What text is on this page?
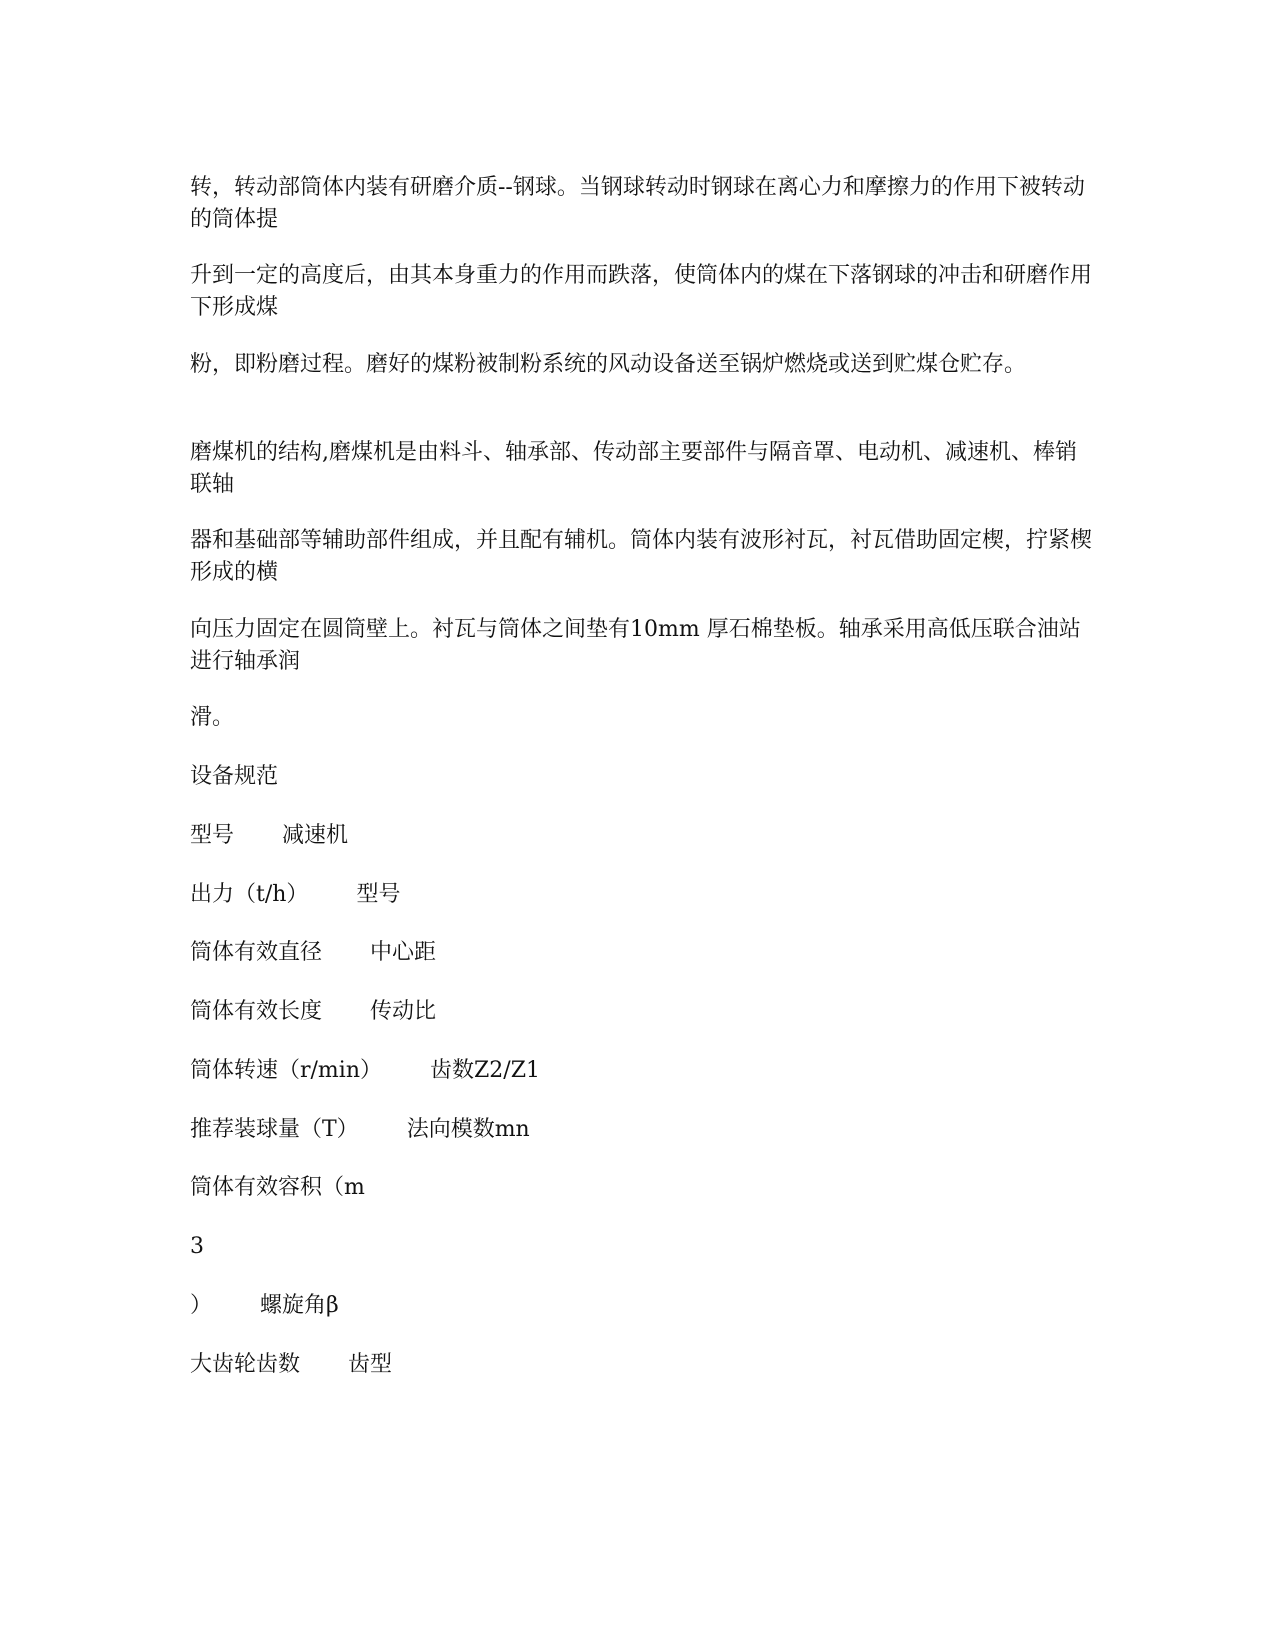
转，转动部筒体内装有研磨介质--钢球。当钢球转动时钢球在离心力和摩擦力的作用下被转动的筒体提

升到一定的高度后，由其本身重力的作用而跌落，使筒体内的煤在下落钢球的冲击和研磨作用下形成煤

粉，即粉磨过程。磨好的煤粉被制粉系统的风动设备送至锅炉燃烧或送到贮煤仓贮存。

磨煤机的结构,磨煤机是由料斗、轴承部、传动部主要部件与隔音罩、电动机、减速机、棒销联轴

器和基础部等辅助部件组成，并且配有辅机。筒体内装有波形衬瓦，衬瓦借助固定楔，拧紧楔形成的横

向压力固定在圆筒壁上。衬瓦与筒体之间垫有10mm 厚石棉垫板。轴承采用高低压联合油站进行轴承润

滑。

设备规范

型号 减速机

出力（t/h） 型号

筒体有效直径 中心距

筒体有效长度 传动比

筒体转速（r/min） 齿数Z2/Z1

推荐装球量（T） 法向模数mn

筒体有效容积（m

3

） 螺旋角β

大齿轮齿数 齿型
